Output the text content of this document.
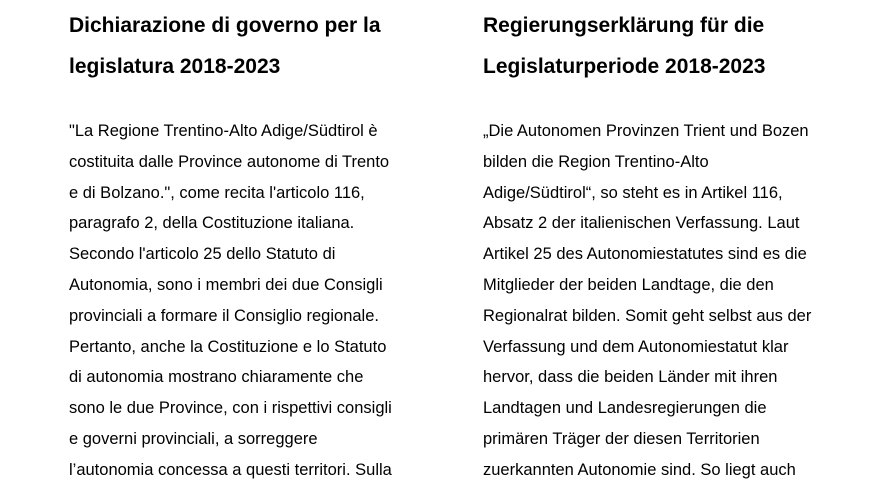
Dichiarazione di governo per la
legislatura 2018-2023

"La Regione Trentino-Alto Adige/Südtirol è
costituita dalle Province autonome di Trento
e di Bolzano.", come recita l'articolo 116,
paragrafo 2, della Costituzione italiana.
Secondo l'articolo 25 dello Statuto di
Autonomia, sono i membri dei due Consigli
provinciali a formare il Consiglio regionale.
Pertanto, anche la Costituzione e lo Statuto
di autonomia mostrano chiaramente che
sono le due Province, con i rispettivi consigli
e governi provinciali, a sorreggere
l’autonomia concessa a questi territori. Sulla

Regierungserklärung für die
Legislaturperiode 2018-2023

„Die Autonomen Provinzen Trient und Bozen
bilden die Region Trentino-Alto
Adige/Südtirol“, so steht es in Artikel 116,
Absatz 2 der italienischen Verfassung. Laut
Artikel 25 des Autonomiestatutes sind es die
Mitglieder der beiden Landtage, die den
Regionalrat bilden. Somit geht selbst aus der
Verfassung und dem Autonomiestatut klar
hervor, dass die beiden Länder mit ihren
Landtagen und Landesregierungen die
primären Träger der diesen Territorien
zuerkannten Autonomie sind. So liegt auch
